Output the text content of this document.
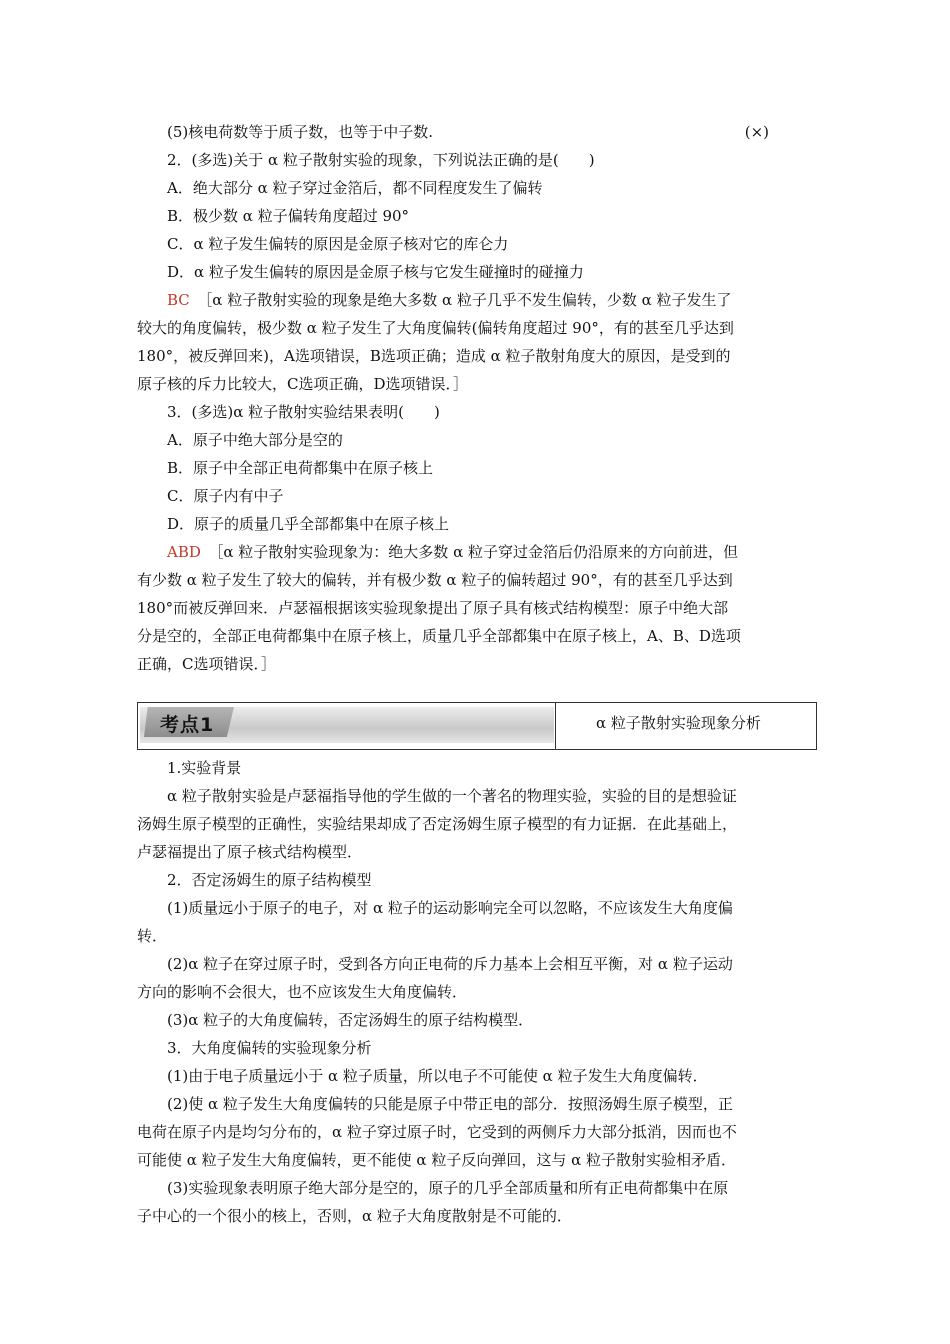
(5)核电荷数等于质子数，也等于中子数.	(×)
2．(多选)关于 α 粒子散射实验的现象，下列说法正确的是(　　)
A．绝大部分 α 粒子穿过金箔后，都不同程度发生了偏转
B．极少数 α 粒子偏转角度超过 90°
C．α 粒子发生偏转的原因是金原子核对它的库仑力
D．α 粒子发生偏转的原因是金原子核与它发生碰撞时的碰撞力
BC　 ［α 粒子散射实验的现象是绝大多数 α 粒子几乎不发生偏转，少数 α 粒子发生了
较大的角度偏转，极少数 α 粒子发生了大角度偏转(偏转角度超过 90°，有的甚至几乎达到
180°，被反弹回来)，A选项错误，B选项正确；造成 α 粒子散射角度大的原因，是受到的
原子核的斥力比较大，C选项正确，D选项错误．］
3．(多选)α 粒子散射实验结果表明(　　)
A．原子中绝大部分是空的
B．原子中全部正电荷都集中在原子核上
C．原子内有中子
D．原子的质量几乎全部都集中在原子核上
ABD　 ［α 粒子散射实验现象为：绝大多数 α 粒子穿过金箔后仍沿原来的方向前进，但
有少数 α 粒子发生了较大的偏转，并有极少数 α 粒子的偏转超过 90°，有的甚至几乎达到
180°而被反弹回来．卢瑟福根据该实验现象提出了原子具有核式结构模型：原子中绝大部
分是空的，全部正电荷都集中在原子核上，质量几乎全部都集中在原子核上，A、B、D选项
正确，C选项错误．］
考点1	α 粒子散射实验现象分析
1.实验背景
α 粒子散射实验是卢瑟福指导他的学生做的一个著名的物理实验，实验的目的是想验证
汤姆生原子模型的正确性，实验结果却成了否定汤姆生原子模型的有力证据．在此基础上，
卢瑟福提出了原子核式结构模型．
2．否定汤姆生的原子结构模型
(1)质量远小于原子的电子，对 α 粒子的运动影响完全可以忽略，不应该发生大角度偏
转．
(2)α 粒子在穿过原子时，受到各方向正电荷的斥力基本上会相互平衡，对 α 粒子运动
方向的影响不会很大，也不应该发生大角度偏转．
(3)α 粒子的大角度偏转，否定汤姆生的原子结构模型．
3．大角度偏转的实验现象分析
(1)由于电子质量远小于 α 粒子质量，所以电子不可能使 α 粒子发生大角度偏转．
(2)使 α 粒子发生大角度偏转的只能是原子中带正电的部分．按照汤姆生原子模型，正
电荷在原子内是均匀分布的，α 粒子穿过原子时，它受到的两侧斥力大部分抵消，因而也不
可能使 α 粒子发生大角度偏转，更不能使 α 粒子反向弹回，这与 α 粒子散射实验相矛盾．
(3)实验现象表明原子绝大部分是空的，原子的几乎全部质量和所有正电荷都集中在原
子中心的一个很小的核上，否则，α 粒子大角度散射是不可能的．
